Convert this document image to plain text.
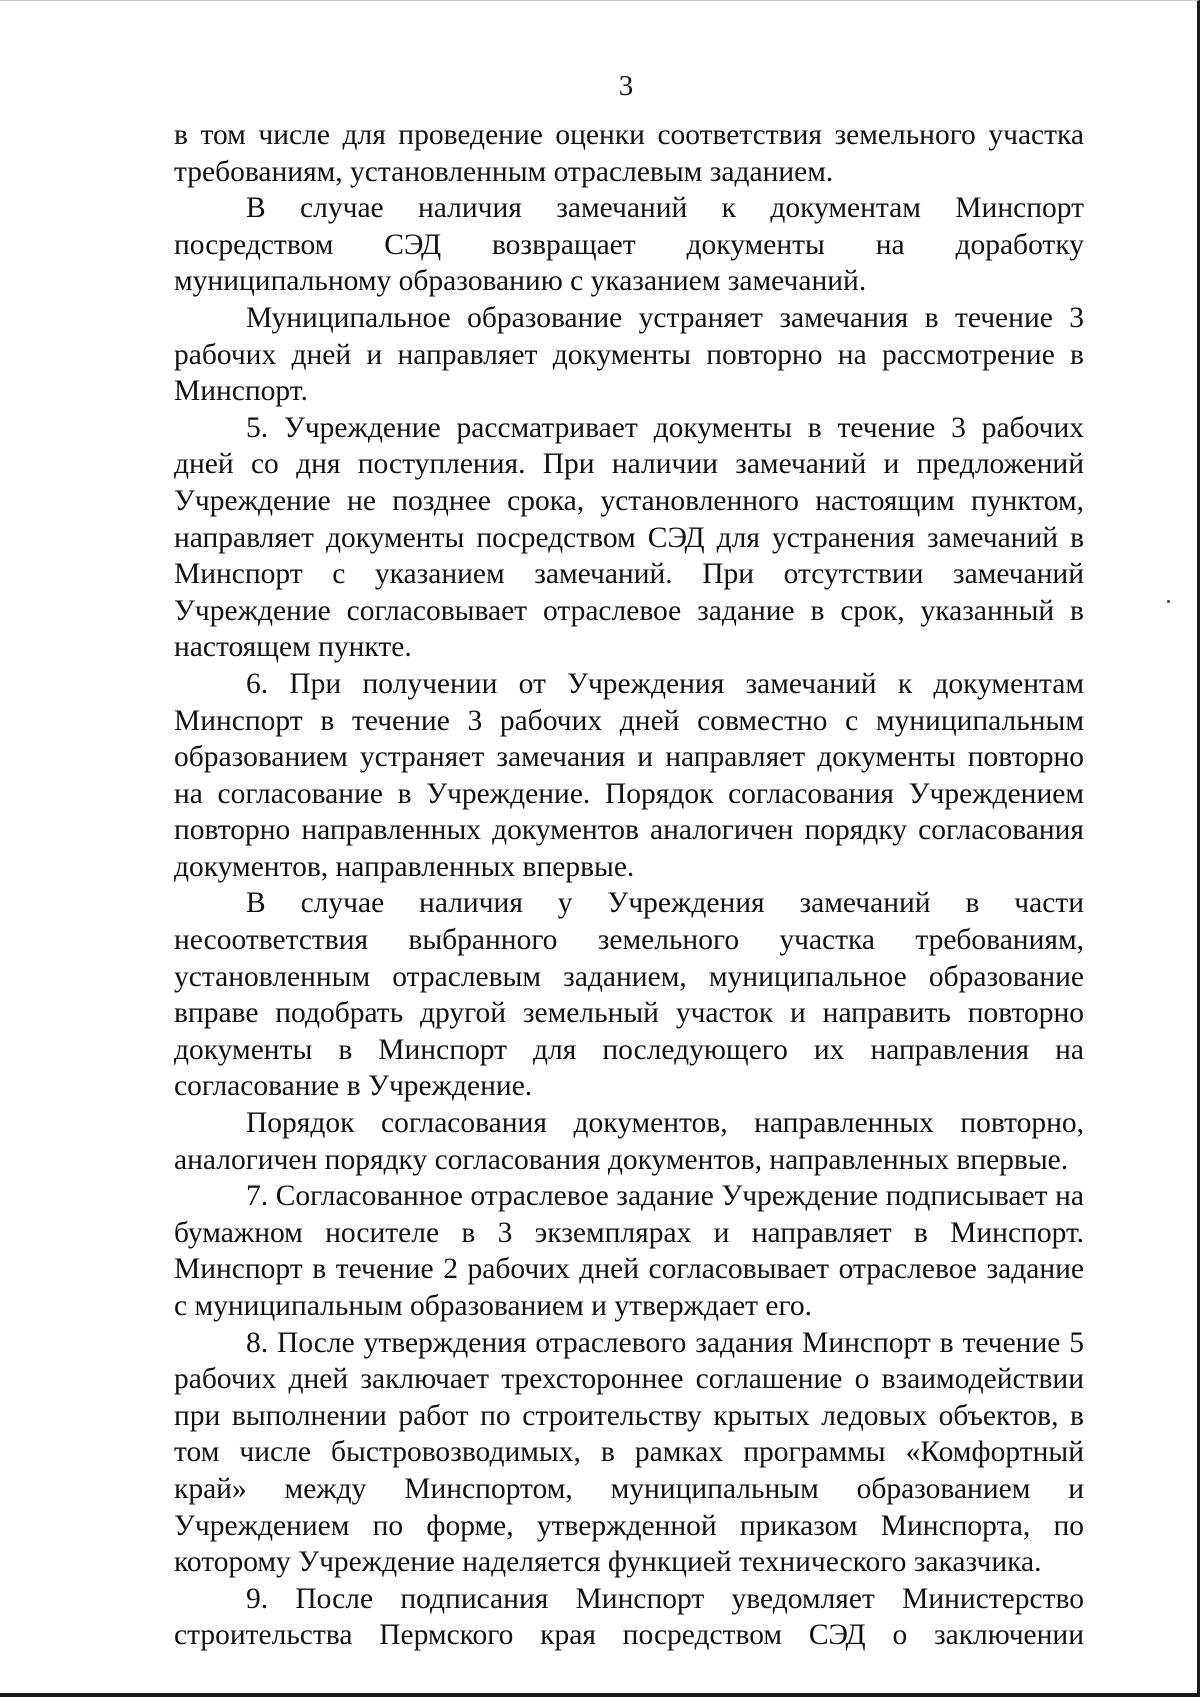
3

в том числе для проведение оценки соответствия земельного участка требованиям, установленным отраслевым заданием.

В случае наличия замечаний к документам Минспорт посредством СЭД возвращает документы на доработку муниципальному образованию с указанием замечаний.

Муниципальное образование устраняет замечания в течение 3 рабочих дней и направляет документы повторно на рассмотрение в Минспорт.

5. Учреждение рассматривает документы в течение 3 рабочих дней со дня поступления. При наличии замечаний и предложений Учреждение не позднее срока, установленного настоящим пунктом, направляет документы посредством СЭД для устранения замечаний в Минспорт с указанием замечаний. При отсутствии замечаний Учреждение согласовывает отраслевое задание в срок, указанный в настоящем пункте.

6. При получении от Учреждения замечаний к документам Минспорт в течение 3 рабочих дней совместно с муниципальным образованием устраняет замечания и направляет документы повторно на согласование в Учреждение. Порядок согласования Учреждением повторно направленных документов аналогичен порядку согласования документов, направленных впервые.

В случае наличия у Учреждения замечаний в части несоответствия выбранного земельного участка требованиям, установленным отраслевым заданием, муниципальное образование вправе подобрать другой земельный участок и направить повторно документы в Минспорт для последующего их направления на согласование в Учреждение.

Порядок согласования документов, направленных повторно, аналогичен порядку согласования документов, направленных впервые.

7. Согласованное отраслевое задание Учреждение подписывает на бумажном носителе в 3 экземплярах и направляет в Минспорт. Минспорт в течение 2 рабочих дней согласовывает отраслевое задание с муниципальным образованием и утверждает его.

8. После утверждения отраслевого задания Минспорт в течение 5 рабочих дней заключает трехстороннее соглашение о взаимодействии при выполнении работ по строительству крытых ледовых объектов, в том числе быстровозводимых, в рамках программы «Комфортный край» между Минспортом, муниципальным образованием и Учреждением по форме, утвержденной приказом Минспорта, по которому Учреждение наделяется функцией технического заказчика.

9. После подписания Минспорт уведомляет Министерство строительства Пермского края посредством СЭД о заключении
